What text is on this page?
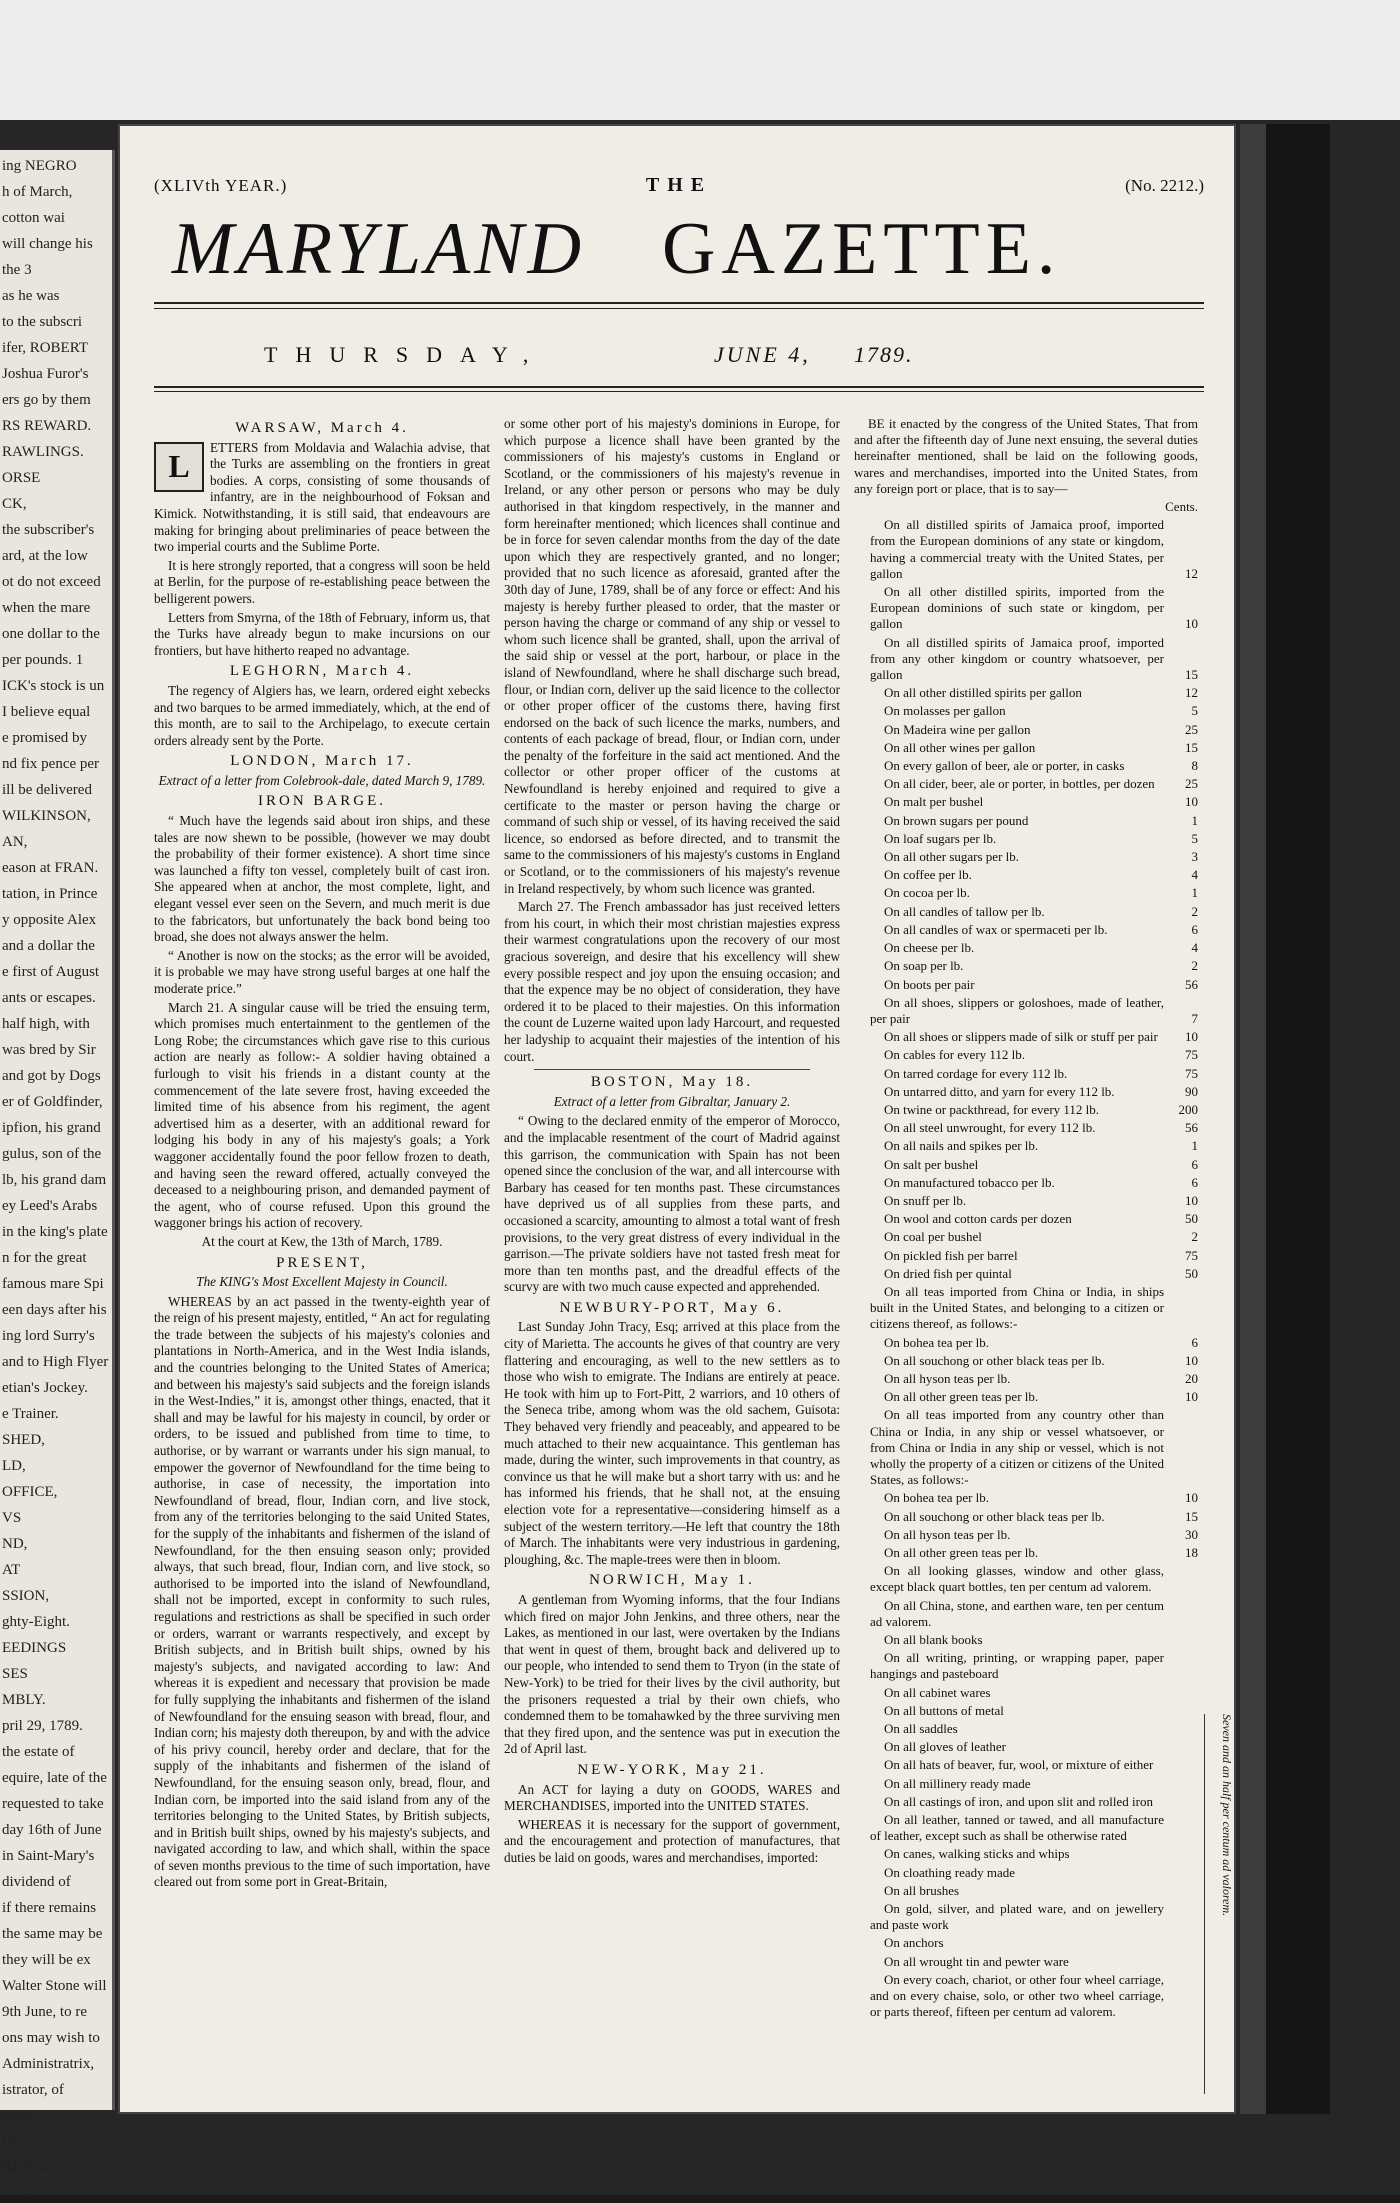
ing NEGRO
h of March,
cotton wai
will change his
the 3
as he was
to the subscri
ifer, ROBERT
Joshua Furor's
ers go by them
RS REWARD.
RAWLINGS.
ORSE
CK,
the subscriber's
ard, at the low
ot do not exceed
when the mare
one dollar to the
per pounds. 1
ICK's stock is un
I believe equal
e promised by
nd fix pence per
ill be delivered
WILKINSON,
AN,
eason at FRAN.
tation, in Prince
y opposite Alex
and a dollar the
e first of August
ants or escapes.
half high, with
was bred by Sir
and got by Dogs
er of Goldfinder,
ipfion, his grand
gulus, son of the
lb, his grand dam
ey Leed's Arabs
in the king's plate
n for the great
famous mare Spi
een days after his
ing lord Surry's
and to High Flyer
etian's Jockey.
e Trainer.
SHED,
LD,
OFFICE,
VS
ND,
AT
SSION,
ghty-Eight.
EEDINGS
SES
MBLY.
pril 29, 1789.
the estate of
equire, late of the
requested to take
day 16th of June
in Saint-Mary's
dividend of
if there remains
the same may be
they will be ex
Walter Stone will
9th June, to re
ons may wish to
Administratrix,
istrator, of
quire,
IS:
RICK and
EEN.
(XLIVth YEAR.)	THE	(No. 2212.)
MARYLAND GAZETTE.
THURSDAY,	JUNE 4, 1789.

WARSAW, March 4.

L
ETTERS from Moldavia and Walachia advise, that the Turks are assembling on the frontiers in great bodies. A corps, consisting of some thousands of infantry, are in the neighbourhood of Foksan and Kimick. Notwithstanding, it is still said, that endeavours are making for bringing about preliminaries of peace between the two imperial courts and the Sublime Porte.

It is here strongly reported, that a congress will soon be held at Berlin, for the purpose of re-establishing peace between the belligerent powers.

Letters from Smyrna, of the 18th of February, inform us, that the Turks have already begun to make incursions on our frontiers, but have hitherto reaped no advantage.

LEGHORN, March 4.

The regency of Algiers has, we learn, ordered eight xebecks and two barques to be armed immediately, which, at the end of this month, are to sail to the Archipelago, to execute certain orders already sent by the Porte.

LONDON, March 17.

Extract of a letter from Colebrook-dale, dated March 9, 1789.

IRON BARGE.

“ Much have the legends said about iron ships, and these tales are now shewn to be possible, (however we may doubt the probability of their former existence). A short time since was launched a fifty ton vessel, completely built of cast iron. She appeared when at anchor, the most complete, light, and elegant vessel ever seen on the Severn, and much merit is due to the fabricators, but unfortunately the back bond being too broad, she does not always answer the helm.

“ Another is now on the stocks; as the error will be avoided, it is probable we may have strong useful barges at one half the moderate price.”

March 21. A singular cause will be tried the ensuing term, which promises much entertainment to the gentlemen of the Long Robe; the circumstances which gave rise to this curious action are nearly as follow:- A soldier having obtained a furlough to visit his friends in a distant county at the commencement of the late severe frost, having exceeded the limited time of his absence from his regiment, the agent advertised him as a deserter, with an additional reward for lodging his body in any of his majesty's goals; a York waggoner accidentally found the poor fellow frozen to death, and having seen the reward offered, actually conveyed the deceased to a neighbouring prison, and demanded payment of the agent, who of course refused. Upon this ground the waggoner brings his action of recovery.

At the court at Kew, the 13th of March, 1789.

PRESENT,

The KING's Most Excellent Majesty in Council.

WHEREAS by an act passed in the twenty-eighth year of the reign of his present majesty, entitled, “ An act for regulating the trade between the subjects of his majesty's colonies and plantations in North-America, and in the West India islands, and the countries belonging to the United States of America; and between his majesty's said subjects and the foreign islands in the West-Indies,” it is, amongst other things, enacted, that it shall and may be lawful for his majesty in council, by order or orders, to be issued and published from time to time, to authorise, or by warrant or warrants under his sign manual, to empower the governor of Newfoundland for the time being to authorise, in case of necessity, the importation into Newfoundland of bread, flour, Indian corn, and live stock, from any of the territories belonging to the said United States, for the supply of the inhabitants and fishermen of the island of Newfoundland, for the then ensuing season only; provided always, that such bread, flour, Indian corn, and live stock, so authorised to be imported into the island of Newfoundland, shall not be imported, except in conformity to such rules, regulations and restrictions as shall be specified in such order or orders, warrant or warrants respectively, and except by British subjects, and in British built ships, owned by his majesty's subjects, and navigated according to law: And whereas it is expedient and necessary that provision be made for fully supplying the inhabitants and fishermen of the island of Newfoundland for the ensuing season with bread, flour, and Indian corn; his majesty doth thereupon, by and with the advice of his privy council, hereby order and declare, that for the supply of the inhabitants and fishermen of the island of Newfoundland, for the ensuing season only, bread, flour, and Indian corn, be imported into the said island from any of the territories belonging to the United States, by British subjects, and in British built ships, owned by his majesty's subjects, and navigated according to law, and which shall, within the space of seven months previous to the time of such importation, have cleared out from some port in Great-Britain,

or some other port of his majesty's dominions in Europe, for which purpose a licence shall have been granted by the commissioners of his majesty's customs in England or Scotland, or the commissioners of his majesty's revenue in Ireland, or any other person or persons who may be duly authorised in that kingdom respectively, in the manner and form hereinafter mentioned; which licences shall continue and be in force for seven calendar months from the day of the date upon which they are respectively granted, and no longer; provided that no such licence as aforesaid, granted after the 30th day of June, 1789, shall be of any force or effect: And his majesty is hereby further pleased to order, that the master or person having the charge or command of any ship or vessel to whom such licence shall be granted, shall, upon the arrival of the said ship or vessel at the port, harbour, or place in the island of Newfoundland, where he shall discharge such bread, flour, or Indian corn, deliver up the said licence to the collector or other proper officer of the customs there, having first endorsed on the back of such licence the marks, numbers, and contents of each package of bread, flour, or Indian corn, under the penalty of the forfeiture in the said act mentioned. And the collector or other proper officer of the customs at Newfoundland is hereby enjoined and required to give a certificate to the master or person having the charge or command of such ship or vessel, of its having received the said licence, so endorsed as before directed, and to transmit the same to the commissioners of his majesty's customs in England or Scotland, or to the commissioners of his majesty's revenue in Ireland respectively, by whom such licence was granted.

March 27. The French ambassador has just received letters from his court, in which their most christian majesties express their warmest congratulations upon the recovery of our most gracious sovereign, and desire that his excellency will shew every possible respect and joy upon the ensuing occasion; and that the expence may be no object of consideration, they have ordered it to be placed to their majesties. On this information the count de Luzerne waited upon lady Harcourt, and requested her ladyship to acquaint their majesties of the intention of his court.

BOSTON, May 18.

Extract of a letter from Gibraltar, January 2.

“ Owing to the declared enmity of the emperor of Morocco, and the implacable resentment of the court of Madrid against this garrison, the communication with Spain has not been opened since the conclusion of the war, and all intercourse with Barbary has ceased for ten months past. These circumstances have deprived us of all supplies from these parts, and occasioned a scarcity, amounting to almost a total want of fresh provisions, to the very great distress of every individual in the garrison.—The private soldiers have not tasted fresh meat for more than ten months past, and the dreadful effects of the scurvy are with two much cause expected and apprehended.

NEWBURY-PORT, May 6.

Last Sunday John Tracy, Esq; arrived at this place from the city of Marietta. The accounts he gives of that country are very flattering and encouraging, as well to the new settlers as to those who wish to emigrate. The Indians are entirely at peace. He took with him up to Fort-Pitt, 2 warriors, and 10 others of the Seneca tribe, among whom was the old sachem, Guisota: They behaved very friendly and peaceably, and appeared to be much attached to their new acquaintance. This gentleman has made, during the winter, such improvements in that country, as convince us that he will make but a short tarry with us: and he has informed his friends, that he shall not, at the ensuing election vote for a representative—considering himself as a subject of the western territory.—He left that country the 18th of March. The inhabitants were very industrious in gardening, ploughing, &c. The maple-trees were then in bloom.

NORWICH, May 1.

A gentleman from Wyoming informs, that the four Indians which fired on major John Jenkins, and three others, near the Lakes, as mentioned in our last, were overtaken by the Indians that went in quest of them, brought back and delivered up to our people, who intended to send them to Tryon (in the state of New-York) to be tried for their lives by the civil authority, but the prisoners requested a trial by their own chiefs, who condemned them to be tomahawked by the three surviving men that they fired upon, and the sentence was put in execution the 2d of April last.

NEW-YORK, May 21.

An ACT for laying a duty on GOODS, WARES and MERCHANDISES, imported into the UNITED STATES.

WHEREAS it is necessary for the support of government, and the encouragement and protection of manufactures, that duties be laid on goods, wares and merchandises, imported:

BE it enacted by the congress of the United States, That from and after the fifteenth day of June next ensuing, the several duties hereinafter mentioned, shall be laid on the following goods, wares and merchandises, imported into the United States, from any foreign port or place, that is to say—

Cents.

On all distilled spirits of Jamaica proof, imported from the European dominions of any state or kingdom, having a commercial treaty with the United States, per gallon	12

On all other distilled spirits, imported from the European dominions of such state or kingdom, per gallon	10

On all distilled spirits of Jamaica proof, imported from any other kingdom or country whatsoever, per gallon	15

On all other distilled spirits per gallon	12

On molasses per gallon	5

On Madeira wine per gallon	25

On all other wines per gallon	15

On every gallon of beer, ale or porter, in casks	8

On all cider, beer, ale or porter, in bottles, per dozen 25

On malt per bushel	10

On brown sugars per pound	1

On loaf sugars per lb.	5

On all other sugars per lb.	3

On coffee per lb.	4

On cocoa per lb.	1

On all candles of tallow per lb.	2

On all candles of wax or spermaceti per lb.	6

On cheese per lb.	4

On soap per lb.	2

On boots per pair	56

On all shoes, slippers or goloshoes, made of leather, per pair	7

On all shoes or slippers made of silk or stuff per pair 10

On cables for every 112 lb.	75

On tarred cordage for every 112 lb.	75

On untarred ditto, and yarn for every 112 lb.	90

On twine or packthread, for every 112 lb.	200

On all steel unwrought, for every 112 lb.	56

On all nails and spikes per lb.	1

On salt per bushel	6

On manufactured tobacco per lb.	6

On snuff per lb.	10

On wool and cotton cards per dozen	50

On coal per bushel	2

On pickled fish per barrel	75

On dried fish per quintal	50

On all teas imported from China or India, in ships built in the United States, and belonging to a citizen or citizens thereof, as follows:-

On bohea tea per lb.	6

On all souchong or other black teas per lb.	10

On all hyson teas per lb.	20

On all other green teas per lb.	10

On all teas imported from any country other than China or India, in any ship or vessel whatsoever, or from China or India in any ship or vessel, which is not wholly the property of a citizen or citizens of the United States, as follows:-

On bohea tea per lb.	10

On all souchong or other black teas per lb.	15

On all hyson teas per lb.	30

On all other green teas per lb.	18

On all looking glasses, window and other glass, except black quart bottles, ten per centum ad valorem.

On all China, stone, and earthen ware, ten per centum ad valorem.

On all blank books

On all writing, printing, or wrapping paper, paper hangings and pasteboard

On all cabinet wares

On all buttons of metal

On all saddles

On all gloves of leather

On all hats of beaver, fur, wool, or mixture of either

On all millinery ready made

On all castings of iron, and upon slit and rolled iron

On all leather, tanned or tawed, and all manufacture of leather, except such as shall be otherwise rated

On canes, walking sticks and whips

On cloathing ready made

On all brushes

On gold, silver, and plated ware, and on jewellery and paste work

On anchors

On all wrought tin and pewter ware

On every coach, chariot, or other four wheel carriage, and on every chaise, solo, or other two wheel carriage, or parts thereof, fifteen per centum ad valorem.

Seven and an half per centum ad valorem.
